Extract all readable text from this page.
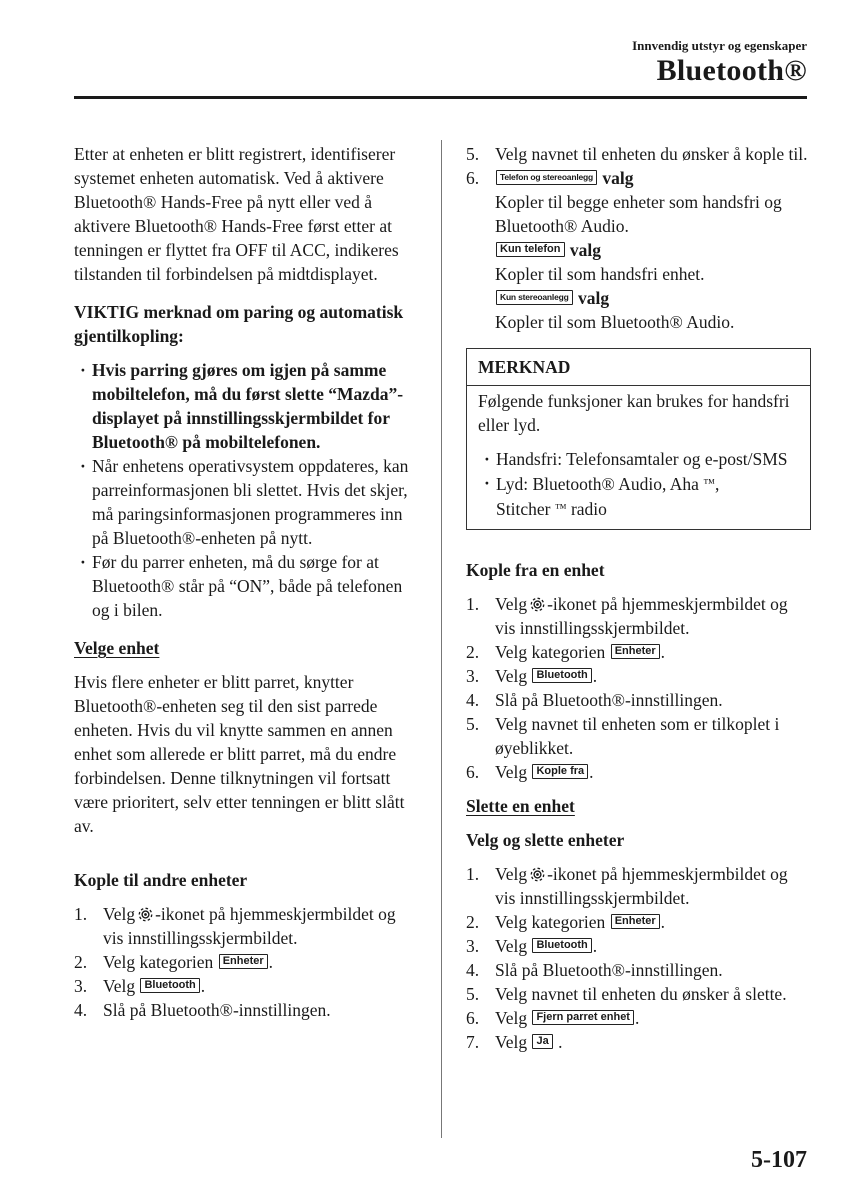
Innvendig utstyr og egenskaper
Bluetooth®

Etter at enheten er blitt registrert, identifiserer systemet enheten automatisk. Ved å aktivere Bluetooth® Hands-Free på nytt eller ved å aktivere Bluetooth® Hands-Free først etter at tenningen er flyttet fra OFF til ACC, indikeres tilstanden til forbindelsen på midtdisplayet.

VIKTIG merknad om paring og automatisk gjentilkopling:

· Hvis parring gjøres om igjen på samme mobiltelefon, må du først slette “Mazda”-displayet på innstillingsskjermbildet for Bluetooth® på mobiltelefonen.
· Når enhetens operativsystem oppdateres, kan parreinformasjonen bli slettet. Hvis det skjer, må paringsinformasjonen programmeres inn på Bluetooth®-enheten på nytt.
· Før du parrer enheten, må du sørge for at Bluetooth® står på “ON”, både på telefonen og i bilen.

Velge enhet

Hvis flere enheter er blitt parret, knytter Bluetooth®-enheten seg til den sist parrede enheten. Hvis du vil knytte sammen en annen enhet som allerede er blitt parret, må du endre forbindelsen. Denne tilknytningen vil fortsatt være prioritert, selv etter tenningen er blitt slått av.

Kople til andre enheter

1. Velg -ikonet på hjemmeskjermbildet og vis innstillingsskjermbildet.
2. Velg kategorien Enheter .
3. Velg Bluetooth .
4. Slå på Bluetooth®-innstillingen.
5. Velg navnet til enheten du ønsker å kople til.
6. Telefon og stereoanlegg valg
Kopler til begge enheter som handsfri og Bluetooth® Audio.
Kun telefon valg
Kopler til som handsfri enhet.
Kun stereoanlegg valg
Kopler til som Bluetooth® Audio.
MERKNAD

Følgende funksjoner kan brukes for handsfri eller lyd.

· Handsfri: Telefonsamtaler og e-post/SMS
· Lyd: Bluetooth® Audio, Aha ™,
Stitcher ™ radio

Kople fra en enhet

1. Velg -ikonet på hjemmeskjermbildet og vis innstillingsskjermbildet.
2. Velg kategorien Enheter .
3. Velg Bluetooth .
4. Slå på Bluetooth®-innstillingen.
5. Velg navnet til enheten som er tilkoplet i øyeblikket.
6. Velg Kople fra .

Slette en enhet

Velg og slette enheter

1. Velg -ikonet på hjemmeskjermbildet og vis innstillingsskjermbildet.
2. Velg kategorien Enheter .
3. Velg Bluetooth .
4. Slå på Bluetooth®-innstillingen.
5. Velg navnet til enheten du ønsker å slette.
6. Velg Fjern parret enhet .
7. Velg Ja .
5-107
